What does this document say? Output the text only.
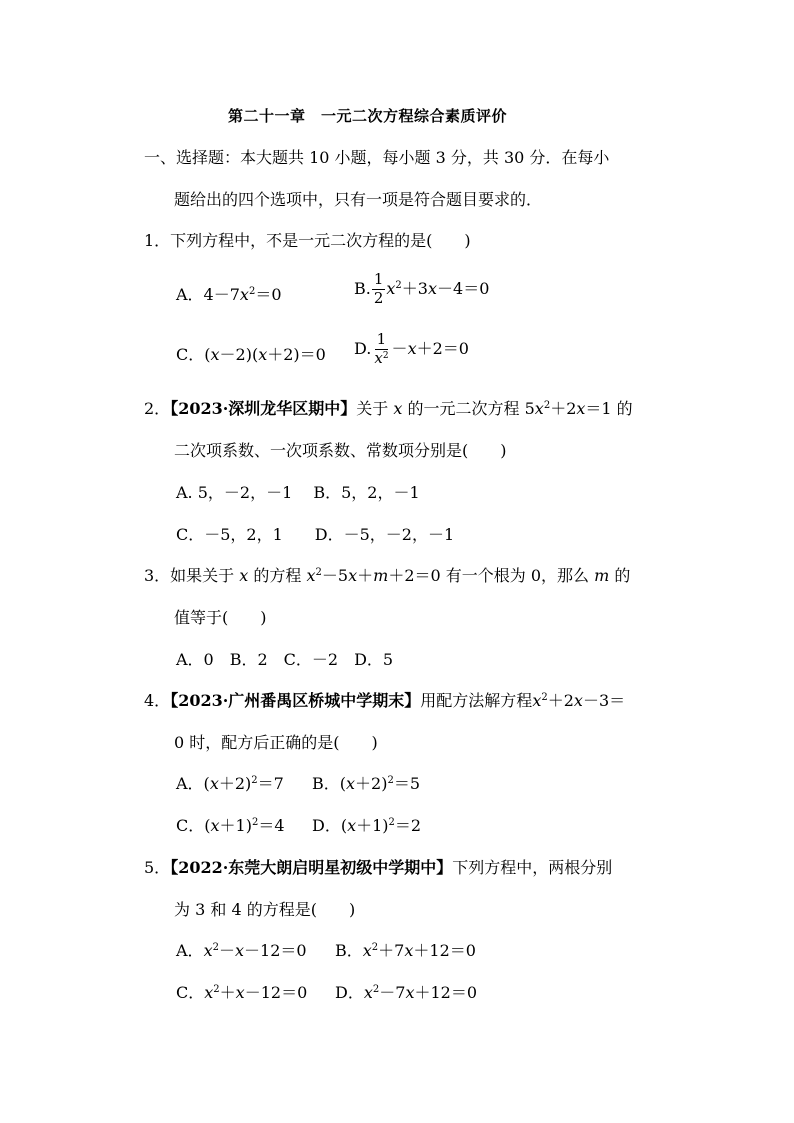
第二十一章　一元二次方程综合素质评价
一、选择题：本大题共 10 小题，每小题 3 分，共 30 分．在每小
题给出的四个选项中，只有一项是符合题目要求的．
1．下列方程中，不是一元二次方程的是(　　)
A．$4-7x^2=0$	B. $\frac{1}{2} x^2+3x-4=0$
C．(x－2)(x＋2)＝0 D. $\frac{1}{x^2} -x+2=0$
2．【2023·深圳龙华区期中】关于 x 的一元二次方程 $5x^2+2x=1$ 的
二次项系数、一次项系数、常数项分别是(　　)
A. 5，－2，－1　 B．5，2，－1
C．－5，2，1　　D．－5，－2，－1
3．如果关于 x 的方程 $x^2-5x+m+2=0$ 有一个根为 0，那么 m 的
值等于(　　)
A．0　B．2　C．－2　D．5
4．【2023·广州番禺区桥城中学期末】用配方法解方程$x^2+2x-3=$
0 时，配方后正确的是(　　)
A．$(x+2)^2=7$ B．$(x+2)^2=5$
C．$(x+1)^2=4$ D．$(x+1)^2=2$
5．【2022·东莞大朗启明星初级中学期中】下列方程中，两根分别
为 3 和 4 的方程是(　　)
A．$x^2-x-12=0$ B．$x^2+7x+12=0$
C．$x^2+x-12=0$ D．$x^2-7x+12=0$
